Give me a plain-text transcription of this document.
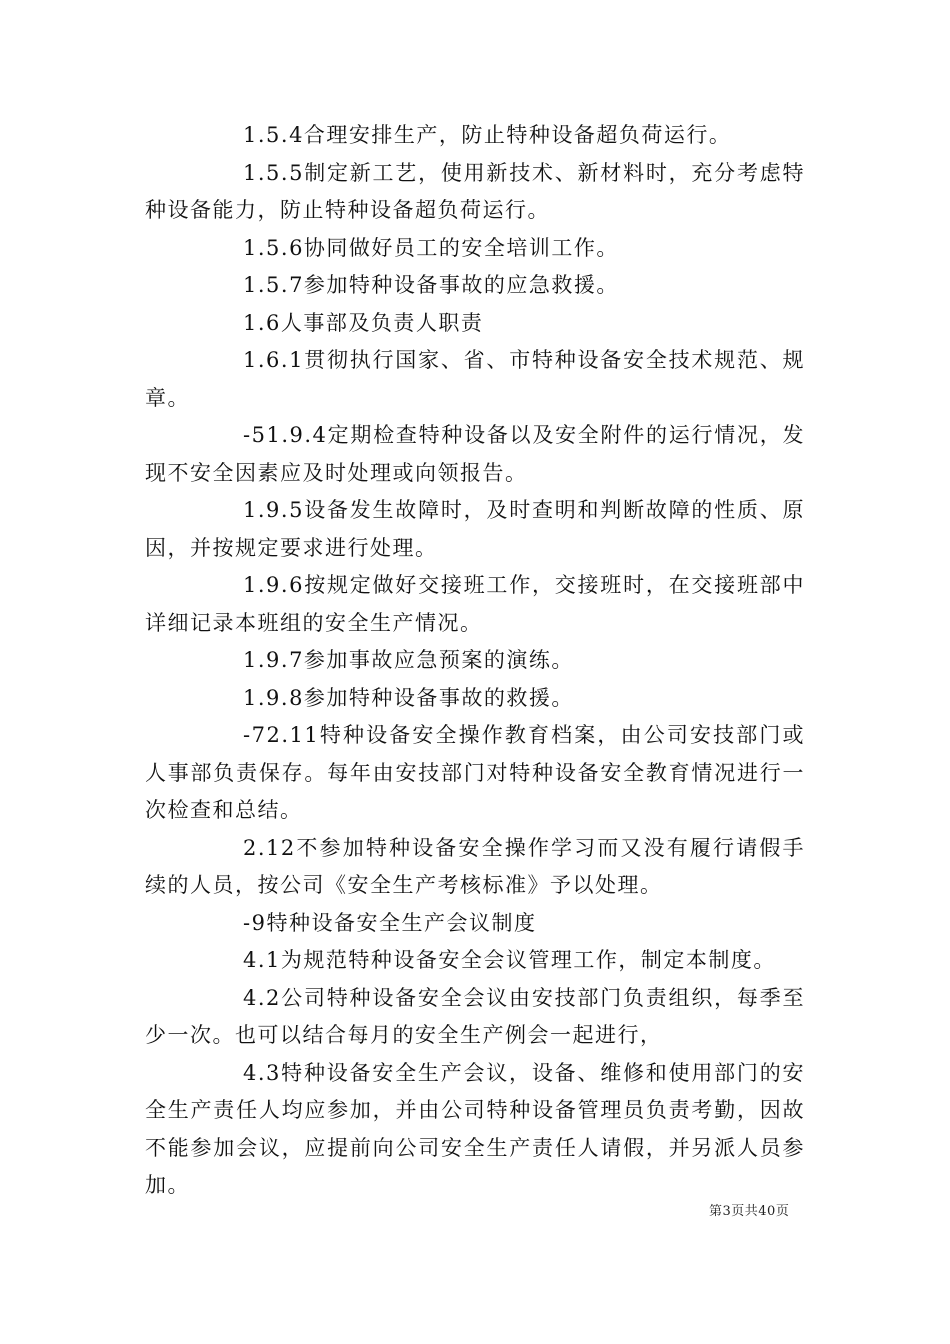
1.5.4合理安排生产，防止特种设备超负荷运行。

1.5.5制定新工艺，使用新技术、新材料时，充分考虑特种设备能力，防止特种设备超负荷运行。

1.5.6协同做好员工的安全培训工作。

1.5.7参加特种设备事故的应急救援。

1.6人事部及负责人职责

1.6.1贯彻执行国家、省、市特种设备安全技术规范、规章。

-51.9.4定期检查特种设备以及安全附件的运行情况，发现不安全因素应及时处理或向领报告。

1.9.5设备发生故障时，及时查明和判断故障的性质、原因，并按规定要求进行处理。

1.9.6按规定做好交接班工作，交接班时，在交接班部中详细记录本班组的安全生产情况。

1.9.7参加事故应急预案的演练。

1.9.8参加特种设备事故的救援。

-72.11特种设备安全操作教育档案，由公司安技部门或人事部负责保存。每年由安技部门对特种设备安全教育情况进行一次检查和总结。

2.12不参加特种设备安全操作学习而又没有履行请假手续的人员，按公司《安全生产考核标准》予以处理。

-9特种设备安全生产会议制度

4.1为规范特种设备安全会议管理工作，制定本制度。

4.2公司特种设备安全会议由安技部门负责组织，每季至少一次。也可以结合每月的安全生产例会一起进行，

4.3特种设备安全生产会议，设备、维修和使用部门的安全生产责任人均应参加，并由公司特种设备管理员负责考勤，因故不能参加会议，应提前向公司安全生产责任人请假，并另派人员参加。

第3页共40页
